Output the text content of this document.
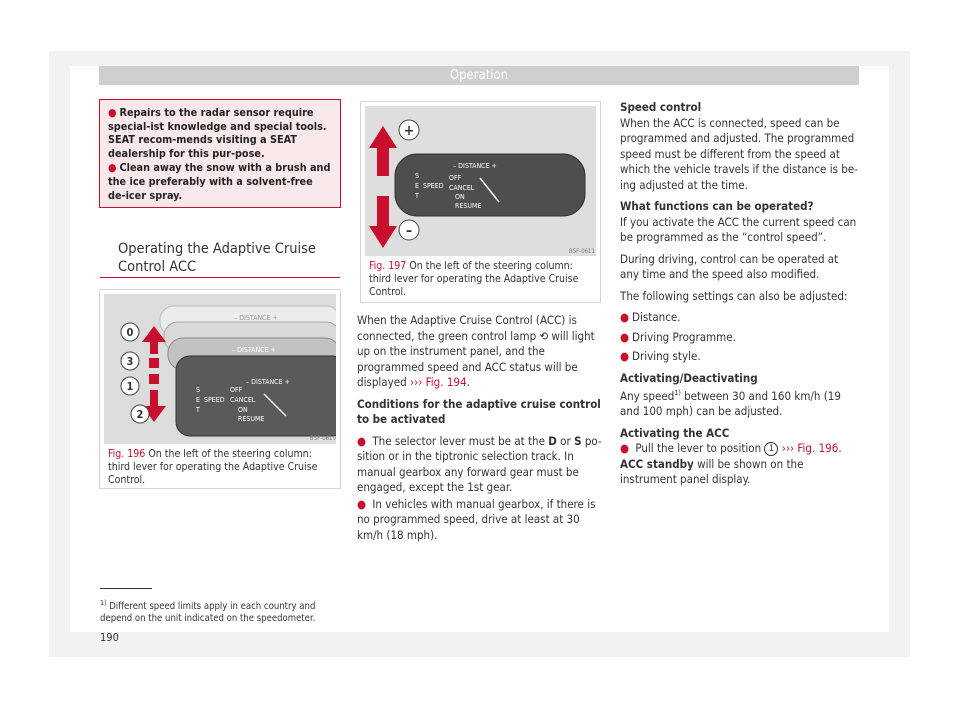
Operation

● Repairs to the radar sensor require special-ist knowledge and special tools. SEAT recom-mends visiting a SEAT dealership for this pur-pose.

● Clean away the snow with a brush and the ice preferably with a solvent-free de-icer spray.

Operating the Adaptive Cruise Control ACC
– DISTANCE +
– DISTANCE +
– DISTANCE +
S
E
T
SPEED
OFF
CANCEL
ON
RESUME
0
3
1
2
B5F-0610
Fig. 196 On the left of the steering column: third lever for operating the Adaptive Cruise Control.
– DISTANCE +
S
E
T
SPEED
OFF
CANCEL
ON
RESUME
+
–
B5F-0611
Fig. 197 On the left of the steering column: third lever for operating the Adaptive Cruise Control.

When the Adaptive Cruise Control (ACC) is connected, the green control lamp ⟲ will light up on the instrument panel, and the programmed speed and ACC status will be displayed ››› Fig. 194.

Conditions for the adaptive cruise control to be activated

● The selector lever must be at the D or S po-sition or in the tiptronic selection track. In manual gearbox any forward gear must be engaged, except the 1st gear.

● In vehicles with manual gearbox, if there is no programmed speed, drive at least at 30 km/h (18 mph).

Speed control

When the ACC is connected, speed can be programmed and adjusted. The programmed speed must be different from the speed at which the vehicle travels if the distance is be-ing adjusted at the time.

What functions can be operated?

If you activate the ACC the current speed can be programmed as the “control speed”.

During driving, control can be operated at any time and the speed also modified.

The following settings can also be adjusted:

● Distance.

● Driving Programme.

● Driving style.

Activating/Deactivating

Any speed$^{1)}$ between 30 and 160 km/h (19 and 100 mph) can be adjusted.

Activating the ACC

● Pull the lever to position 1 ››› Fig. 196.

ACC standby will be shown on the instrument panel display.

$^{1)}$ Different speed limits apply in each country and depend on the unit indicated on the speedometer.
190
